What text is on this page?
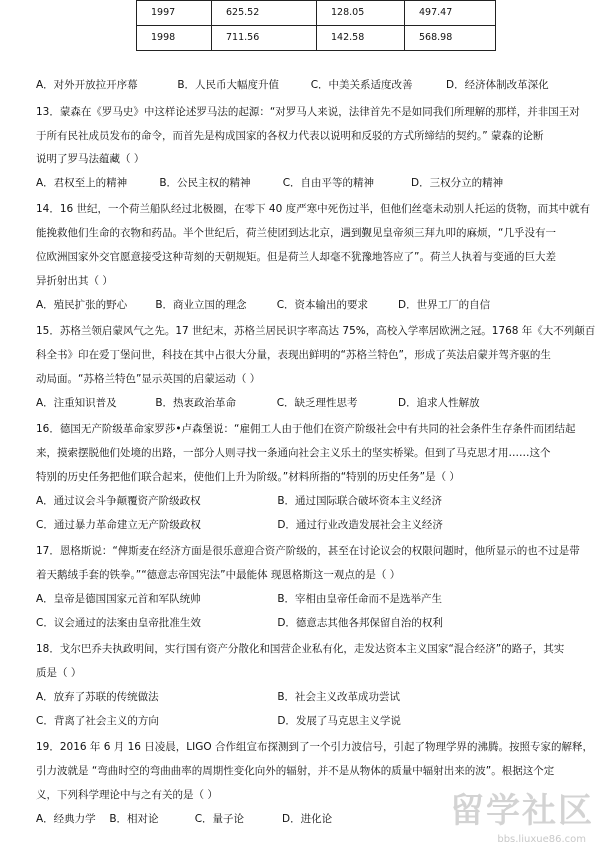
1997	625.52	128.05	497.47
1998	711.56	142.58	568.98
A．对外开放拉开序幕	B．人民币大幅度升值	C．中美关系适度改善	D．经济体制改革深化
13．蒙森在《罗马史》中这样论述罗马法的起源：“对罗马人来说，法律首先不是如同我们所理解的那样，并非国王对
于所有民社成员发布的命令，而首先是构成国家的各权力代表以说明和反驳的方式所缔结的契约。” 蒙森的论断
说明了罗马法蕴藏（ ）
A．君权至上的精神	B．公民主权的精神	C．自由平等的精神	D．三权分立的精神
14．16 世纪，一个荷兰船队经过北极圈，在零下 40 度严寒中死伤过半，但他们丝毫未动别人托运的货物，而其中就有
能挽救他们生命的衣物和药品。半个世纪后，荷兰使团到达北京，遇到觐见皇帝须三拜九叩的麻烦，“几乎没有一
位欧洲国家外交官愿意接受这种苛刻的天朝规矩。但是荷兰人却毫不犹豫地答应了”。荷兰人执着与变通的巨大差
异折射出其（ ）
A．殖民扩张的野心	B．商业立国的理念	C．资本输出的要求	D．世界工厂的自信
15．苏格兰领启蒙风气之先。17 世纪末，苏格兰居民识字率高达 75%，高校入学率居欧洲之冠。1768 年《大不列颠百
科全书》印在爱丁堡问世，科技在其中占很大分量，表现出鲜明的“苏格兰特色”，形成了英法启蒙并驾齐驱的生
动局面。“苏格兰特色”显示英国的启蒙运动（ ）
A．注重知识普及	B．热衷政治革命	C．缺乏理性思考	D．追求人性解放
16．德国无产阶级革命家罗莎•卢森堡说：“雇佣工人由于他们在资产阶级社会中有共同的社会条件生存条件而团结起
来，摸索摆脱他们处境的出路，一部分人则寻找一条通向社会主义乐土的坚实桥梁。但到了马克思才用……这个
特别的历史任务把他们联合起来，使他们上升为阶级。”材料所指的“特别的历史任务”是（ ）
A．通过议会斗争颠覆资产阶级政权	B．通过国际联合破坏资本主义经济
C．通过暴力革命建立无产阶级政权	D．通过行业改造发展社会主义经济
17．恩格斯说：“俾斯麦在经济方面是很乐意迎合资产阶级的，甚至在讨论议会的权限问题时，他所显示的也不过是带
着天鹅绒手套的铁拳。”“德意志帝国宪法”中最能体 现恩格斯这一观点的是（ ）
A．皇帝是德国国家元首和军队统帅	B．宰相由皇帝任命而不是选举产生
C．议会通过的法案由皇帝批准生效	D．德意志其他各邦保留自治的权利
18．戈尔巴乔夫执政明间，实行国有资产分散化和国营企业私有化，走发达资本主义国家“混合经济”的路子，其实
质是（ ）
A．放弃了苏联的传统做法	B．社会主义改革成功尝试
C．背离了社会主义的方向	D．发展了马克思主义学说
19．2016 年 6 月 16 日凌晨，LIGO 合作组宣布探测到了一个引力波信号，引起了物理学界的沸腾。按照专家的解释，
引力波就是 “弯曲时空的弯曲曲率的周期性变化向外的辐射，并不是从物体的质量中辐射出来的波”。根据这个定
义，下列科学理论中与之有关的是（ ）
A．经典力学 B．相对论	C．量子论	D．进化论	留学社区
bbs.liuxue86.com
